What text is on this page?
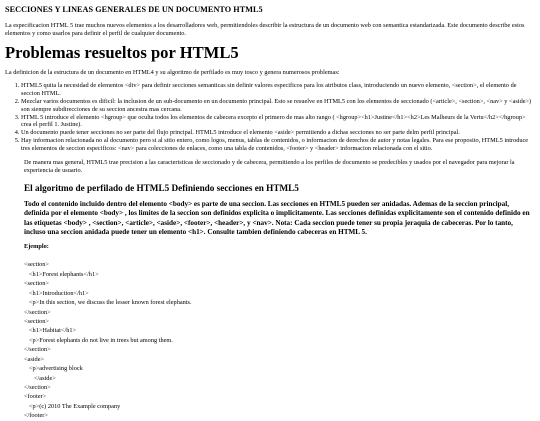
SECCIONES Y LINEAS GENERALES DE UN DOCUMENTO HTML5

La especificacion HTML 5 trae muchos nuevos elementos a los desarrolladores web, permitiendoles describir la estructura de un documento web con semantica estandarizada. Este documento describe estos elementos y como usarlos para definir el perfil de cualquier documento.

Problemas resueltos por HTML5

La definicion de la estructura de un documento en HTML4 y su algoritmo de perfilado es muy tosco y genera numerosos problemas:

1. HTML5 quita la necesidad de elementos <div> para definir secciones semanticas sin definir valores especificos para los atributos class, introduciendo un nuevo elemento, <section>, el elemento de seccion HTML.
2. Mezclar varios documentos es dificil: la inclusion de un sub-documento en un documento principal. Esto se resuelve en HTML5 con los elementos de seccionado (<article>, <section>, <nav> y <aside>) son siempre subdirecciones de su seccion ancestra mas cercana.
3. HTML 5 introduce el elemento <hgroup> que oculta todos los elementos de cabecera excepto el primero de mas alto rango ( <hgroup><h1>Justine</h1><h2>Les Malheurs de la Vertu</h2></hgroup> crea el perfil 1. Justine).
4. Un documento puede tener secciones no ser parte del flujo principal. HTML5 introduce el elemento <aside> permitiendo a dichas secciones no ser parte delm perfil principal.
5. Hay informacion relacionada no al documento pero si al sitio entero, como logos, menus, tablas de contenidos, o informacion de derechos de autor y notas legales. Para ese proposito, HTML5 introduce tres elementos de seccion especificos: <nav> para colecciones de enlaces, como una tabla de contenidos, <footer> y <header> informacion relacionada con el sitio.

De manera mas general, HTML5 trae precision a las caracteristicas de seccionado y de cabecera, permitiendo a los perfiles de documento se predecibles y usados por el navegador para mejorar la experiencia de usuario.

El algoritmo de perfilado de HTML5 Definiendo secciones en HTML5

Todo el contenido incluido dentro del elemento <body> es parte de una seccion. Las secciones en HTML5 pueden ser anidadas. Ademas de la seccion principal, definida por el elemento <body> , los limites de la seccion son definidos explicita o implicitamente. Las secciones definidas explicitamente son el contenido definido en las etiquetas <body> , <section>, <article>, <aside>, <footer>, <header>, y <nav>. Nota: Cada seccion puede tener su propia jeraquia de cabeceras. Por lo tanto, incluso una seccion anidada puede tener un elemento <h1>. Consulte tambien definiendo cabeceras en HTML 5.

Ejemplo:

<section>
<h1>Forest elephants</h1>
<section>
<h1>Introduction</h1>
<p>In this section, we discuss the lesser known forest elephants.
</section>
<section>
<h1>Habitat</h1>
<p>Forest elephants do not live in trees but among them.
</section>
<aside>
<p>advertising block
</aside>
</section>
<footer>
<p>(c) 2010 The Example company
</footer>
